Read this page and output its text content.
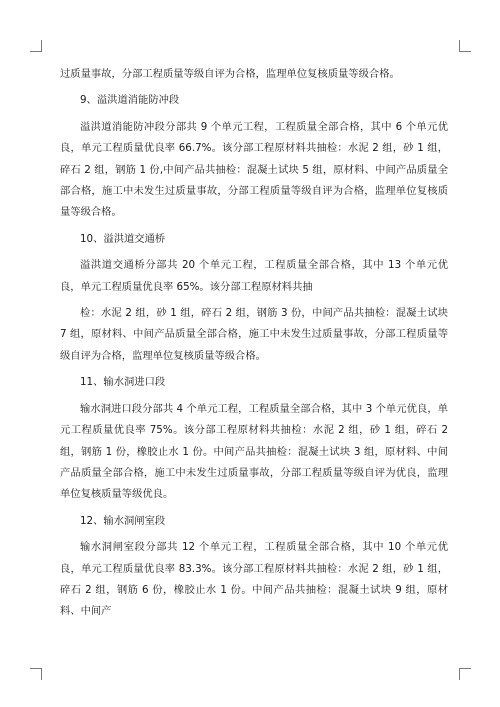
过质量事故，分部工程质量等级自评为合格，监理单位复核质量等级合格。

9、溢洪道消能防冲段

溢洪道消能防冲段分部共 9 个单元工程，工程质量全部合格，其中 6 个单元优良，单元工程质量优良率 66.7%。该分部工程原材料共抽检：水泥 2 组，砂 1 组，碎石 2 组，钢筋 1 份,中间产品共抽检：混凝土试块 5 组，原材料、中间产品质量全部合格，施工中未发生过质量事故，分部工程质量等级自评为合格，监理单位复核质量等级合格。

10、溢洪道交通桥

溢洪道交通桥分部共 20 个单元工程，工程质量全部合格，其中 13 个单元优良，单元工程质量优良率 65%。该分部工程原材料共抽

检：水泥 2 组，砂 1 组，碎石 2 组，钢筋 3 份，中间产品共抽检：混凝土试块 7 组，原材料、中间产品质量全部合格，施工中未发生过质量事故，分部工程质量等级自评为合格，监理单位复核质量等级合格。

11、输水洞进口段

输水洞进口段分部共 4 个单元工程，工程质量全部合格，其中 3 个单元优良，单元工程质量优良率 75%。该分部工程原材料共抽检：水泥 2 组，砂 1 组，碎石 2 组，钢筋 1 份，橡胶止水 1 份。中间产品共抽检：混凝土试块 3 组，原材料、中间产品质量全部合格，施工中未发生过质量事故，分部工程质量等级自评为优良，监理单位复核质量等级优良。

12、输水洞闸室段

输水洞闸室段分部共 12 个单元工程，工程质量全部合格，其中 10 个单元优良，单元工程质量优良率 83.3%。该分部工程原材料共抽检：水泥 2 组，砂 1 组，碎石 2 组，钢筋 6 份，橡胶止水 1 份。中间产品共抽检：混凝土试块 9 组，原材料、中间产
